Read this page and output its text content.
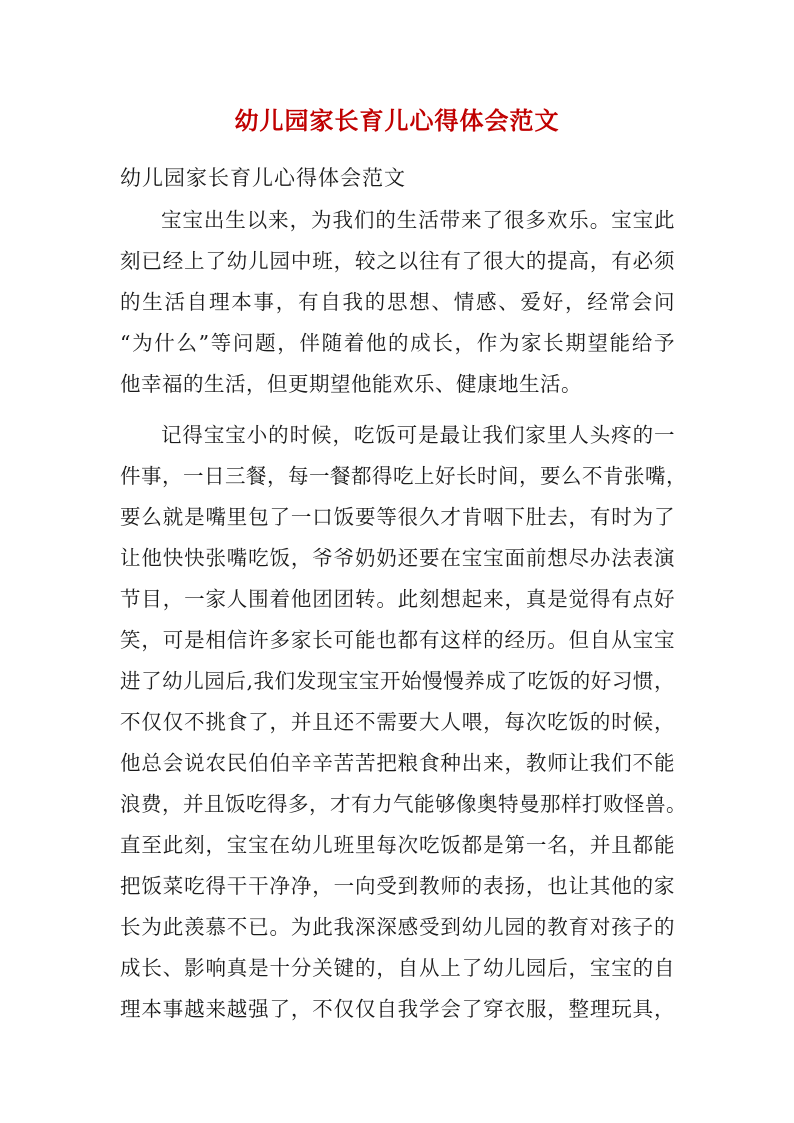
幼儿园家长育儿心得体会范文
幼儿园家长育儿心得体会范文
宝宝出生以来，为我们的生活带来了很多欢乐。宝宝此
刻已经上了幼儿园中班，较之以往有了很大的提高，有必须
的生活自理本事，有自我的思想、情感、爱好，经常会问
“为什么”等问题，伴随着他的成长，作为家长期望能给予
他幸福的生活，但更期望他能欢乐、健康地生活。
记得宝宝小的时候，吃饭可是最让我们家里人头疼的一
件事，一日三餐，每一餐都得吃上好长时间，要么不肯张嘴，
要么就是嘴里包了一口饭要等很久才肯咽下肚去，有时为了
让他快快张嘴吃饭，爷爷奶奶还要在宝宝面前想尽办法表演
节目，一家人围着他团团转。此刻想起来，真是觉得有点好
笑，可是相信许多家长可能也都有这样的经历。但自从宝宝
进了幼儿园后,我们发现宝宝开始慢慢养成了吃饭的好习惯，
不仅仅不挑食了，并且还不需要大人喂，每次吃饭的时候，
他总会说农民伯伯辛辛苦苦把粮食种出来，教师让我们不能
浪费，并且饭吃得多，才有力气能够像奥特曼那样打败怪兽。
直至此刻，宝宝在幼儿班里每次吃饭都是第一名，并且都能
把饭菜吃得干干净净，一向受到教师的表扬，也让其他的家
长为此羡慕不已。为此我深深感受到幼儿园的教育对孩子的
成长、影响真是十分关键的，自从上了幼儿园后，宝宝的自
理本事越来越强了，不仅仅自我学会了穿衣服，整理玩具，
